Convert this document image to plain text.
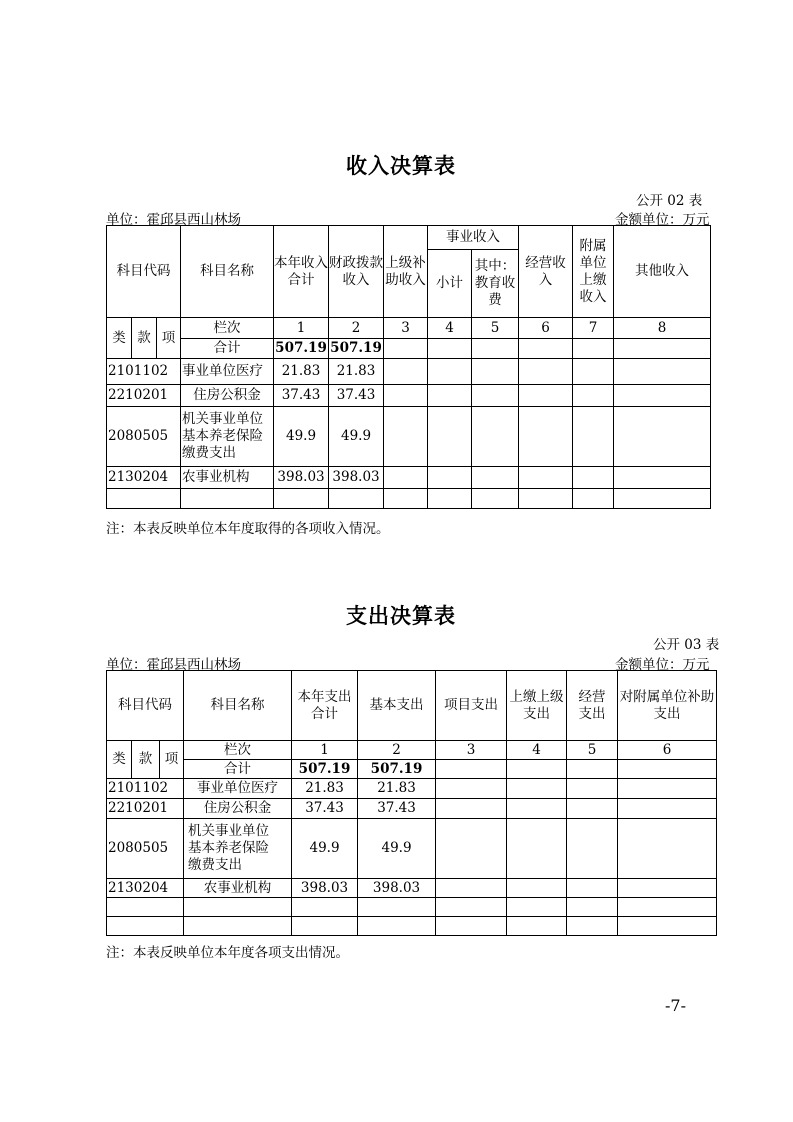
收入决算表
公开 02 表
单位：霍邱县西山林场	金额单位：万元
科目代码			科目名称	本年收入合计	财政拨款收入	上级补助收入	事业收入		经营收入	附属单位上缴收入	其他收入
							小计	其中：教育收费			

类	款	项	栏次	1	2	3	4	5	6	7	8
			合计	507.19	507.19						
2101102			事业单位医疗	21.83	21.83						
2210201			住房公积金	37.43	37.43						
2080505			机关事业单位基本养老保险缴费支出	49.9	49.9						
2130204			农事业机构	398.03	398.03						

注：本表反映单位本年度取得的各项收入情况。
支出决算表
公开 03 表
单位：霍邱县西山林场	金额单位：万元
科目代码			科目名称	本年支出合计	基本支出	项目支出	上缴上级支出	经营支出	对附属单位补助支出
类	款	项	栏次	1	2	3	4	5	6
			合计	507.19	507.19				
2101102			事业单位医疗	21.83	21.83				
2210201			住房公积金	37.43	37.43				
2080505			机关事业单位基本养老保险缴费支出	49.9	49.9				
2130204			农事业机构	398.03	398.03				

注：本表反映单位本年度各项支出情况。
-7-
